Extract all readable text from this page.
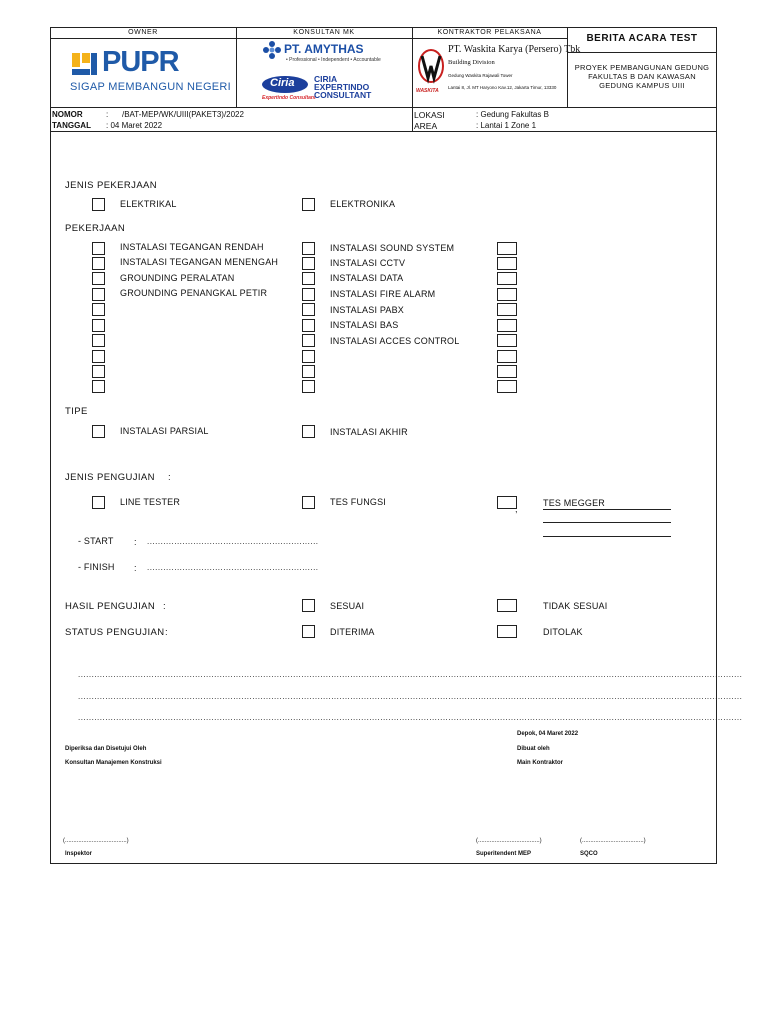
OWNER	KONSULTAN MK	KONTRAKTOR PELAKSANA
BERITA ACARA TEST
PROYEK PEMBANGUNAN GEDUNG
FAKULTAS B DAN KAWASAN
GEDUNG KAMPUS UIII
PUPR
SIGAP MEMBANGUN NEGERI
PT. AMYTHAS
• Professional • Independent • Accountable
Ciria
Expertindo Consultant
CIRIA
EXPERTINDO
CONSULTANT	WASKITA
PT. Waskita Karya (Persero) Tbk
Building Division
Gedung Waskita Rajawali Tower
Lantai 8, Jl. MT Haryono Kav.12, Jakarta Timur, 13330
NOMOR	: /BAT-MEP/WK/UIII(PAKET3)/2022
TANGGAL : 04 Maret 2022
LOKASI	: Gedung Fakultas B
AREA	: Lantai 1 Zone 1
JENIS PEKERJAAN
ELEKTRIKAL	ELEKTRONIKA
PEKERJAAN
INSTALASI TEGANGAN RENDAH
INSTALASI TEGANGAN MENENGAH
GROUNDING PERALATAN
GROUNDING PENANGKAL PETIR
INSTALASI SOUND SYSTEM
INSTALASI CCTV
INSTALASI DATA
INSTALASI FIRE ALARM
INSTALASI PABX
INSTALASI BAS
INSTALASI ACCES CONTROL
TIPE
INSTALASI PARSIAL	INSTALASI AKHIR
JENIS PENGUJIAN :
LINE TESTER	TES FUNGSI
,
TES MEGGER
- START : ...............................................................
- FINISH : ...............................................................
HASIL PENGUJIAN :	SESUAI	TIDAK SESUAI
STATUS PENGUJIAN :	DITERIMA	DITOLAK
....................................................................................................................................................................................................................................................
....................................................................................................................................................................................................................................................
....................................................................................................................................................................................................................................................
Depok, 04 Maret 2022
Diperiksa dan Disetujui Oleh	Dibuat oleh
Konsultan Manajemen Konstruksi	Main Kontraktor
(.....................................)	(.....................................)	(.....................................)
Inspektor	Superitendent MEP	SQCO
